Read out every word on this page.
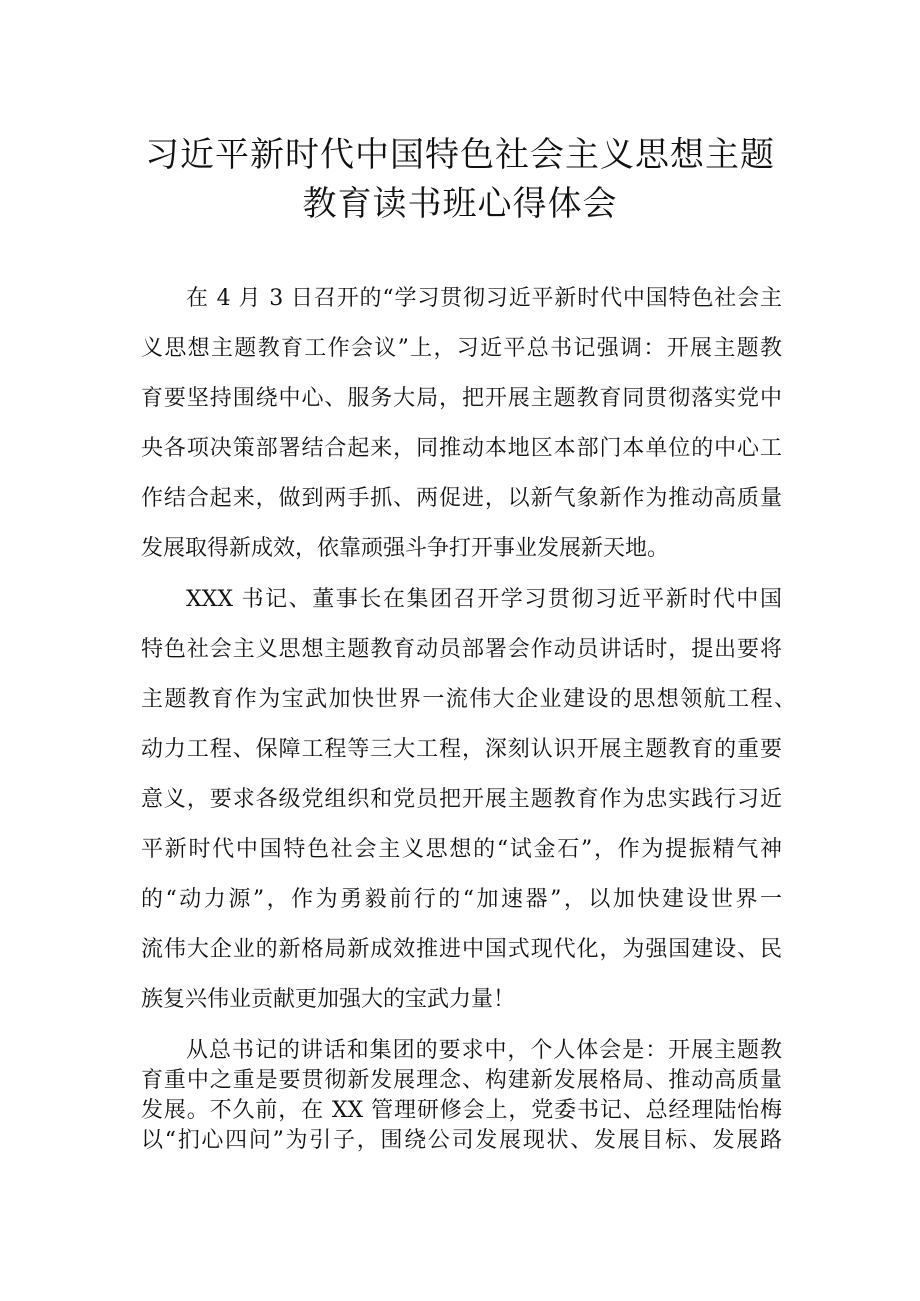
习近平新时代中国特色社会主义思想主题
教育读书班心得体会
在 4 月 3 日召开的“学习贯彻习近平新时代中国特色社会主
义思想主题教育工作会议”上，习近平总书记强调：开展主题教
育要坚持围绕中心、服务大局，把开展主题教育同贯彻落实党中
央各项决策部署结合起来，同推动本地区本部门本单位的中心工
作结合起来，做到两手抓、两促进，以新气象新作为推动高质量
发展取得新成效，依靠顽强斗争打开事业发展新天地。
XXX 书记、董事长在集团召开学习贯彻习近平新时代中国
特色社会主义思想主题教育动员部署会作动员讲话时，提出要将
主题教育作为宝武加快世界一流伟大企业建设的思想领航工程、
动力工程、保障工程等三大工程，深刻认识开展主题教育的重要
意义，要求各级党组织和党员把开展主题教育作为忠实践行习近
平新时代中国特色社会主义思想的“试金石”，作为提振精气神
的“动力源”，作为勇毅前行的“加速器”，以加快建设世界一
流伟大企业的新格局新成效推进中国式现代化，为强国建设、民
族复兴伟业贡献更加强大的宝武力量！
从总书记的讲话和集团的要求中，个人体会是：开展主题教
育重中之重是要贯彻新发展理念、构建新发展格局、推动高质量
发展。不久前，在 XX 管理研修会上，党委书记、总经理陆怡梅
以“扪心四问”为引子，围绕公司发展现状、发展目标、发展路
